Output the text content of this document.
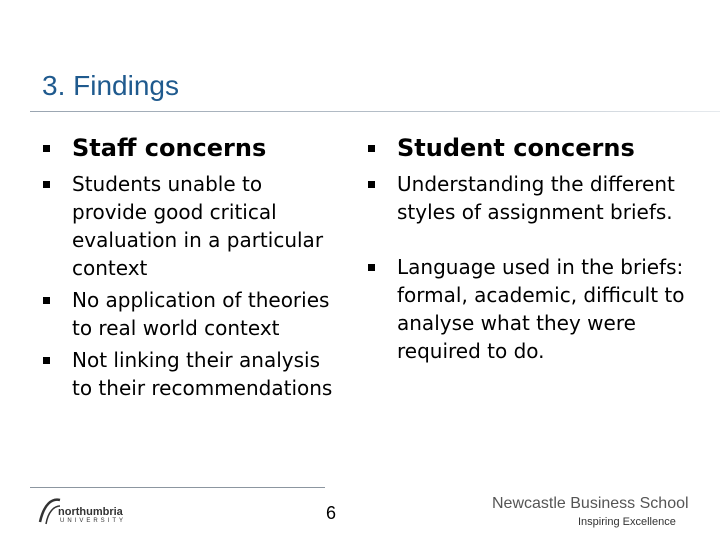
3. Findings
Staff concerns
Students unable to provide good critical evaluation in a particular context
No application of theories to real world context
Not linking their analysis to their recommendations
Student concerns
Understanding the different styles of assignment briefs.
Language used in the briefs: formal, academic, difficult to analyse what they were required to do.
northumbria
UNIVERSITY	6	Newcastle Business School
Inspiring Excellence
